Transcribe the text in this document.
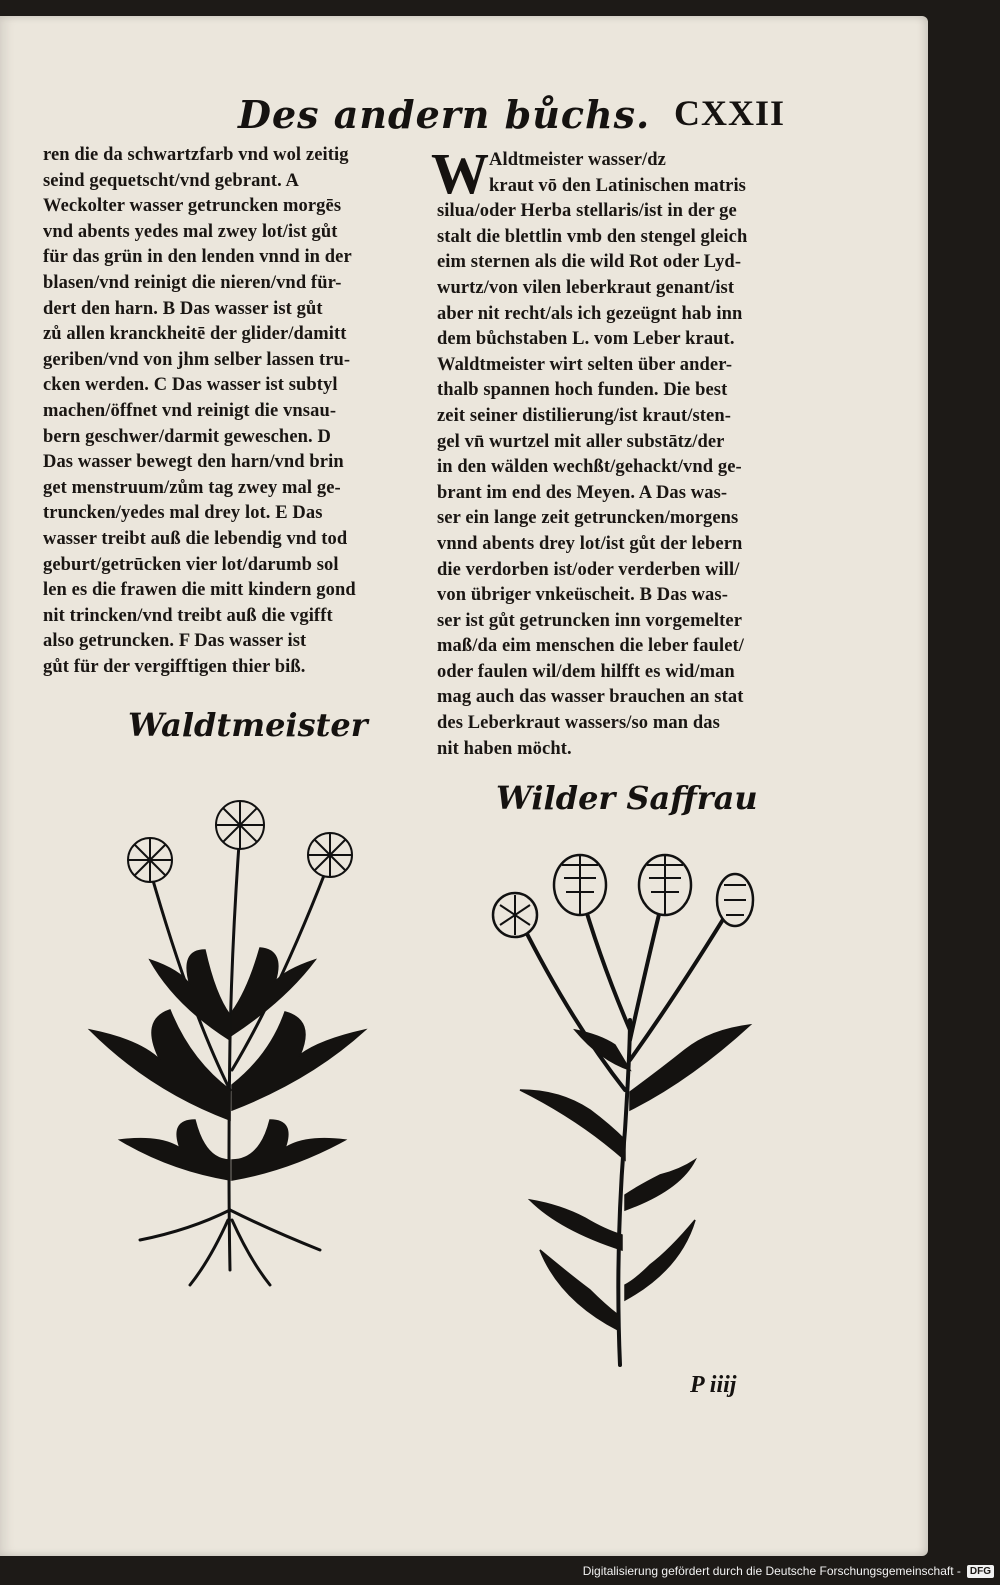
Des andern bůchs. CXXII
ren die da schwartzfarb vnd wol zeitig
seind gequetscht/vnd gebrant. A
Weckolter wasser getruncken morgēs
vnd abents yedes mal zwey lot/ist gůt
für das grün in den lenden vnnd in der
blasen/vnd reinigt die nieren/vnd für-
dert den harn. B Das wasser ist gůt
zů allen kranckheitē der glider/damitt
geriben/vnd von jhm selber lassen tru-
cken werden. C Das wasser ist subtyl
machen/öffnet vnd reinigt die vnsau-
bern geschwer/darmit geweschen. D
Das wasser bewegt den harn/vnd brin
get menstruum/zům tag zwey mal ge-
truncken/yedes mal drey lot. E Das
wasser treibt auß die lebendig vnd tod
geburt/getrūcken vier lot/darumb sol
len es die frawen die mitt kindern gond
nit trincken/vnd treibt auß die vgifft
also getruncken. F Das wasser ist
gůt für der vergifftigen thier biß.
W Aldtmeister wasser/dz
kraut vō den Latinischen matris
silua/oder Herba stellaris/ist in der ge
stalt die blettlin vmb den stengel gleich
eim sternen als die wild Rot oder Lyd-
wurtz/von vilen leberkraut genant/ist
aber nit recht/als ich gezeügnt hab inn
dem bůchstaben L. vom Leber kraut.
Waldtmeister wirt selten über ander-
thalb spannen hoch funden. Die best
zeit seiner distilierung/ist kraut/sten-
gel vn̄ wurtzel mit aller substātz/der
in den wälden wechßt/gehackt/vnd ge-
brant im end des Meyen. A Das was-
ser ein lange zeit getruncken/morgens
vnnd abents drey lot/ist gůt der lebern
die verdorben ist/oder verderben will/
von übriger vnkeüscheit. B Das was-
ser ist gůt getruncken inn vorgemelter
maß/da eim menschen die leber faulet/
oder faulen wil/dem hilfft es wid/man
mag auch das wasser brauchen an stat
des Leberkraut wassers/so man das
nit haben möcht.
Waldtmeister
Wilder Saffrau
P iiij
Digitalisierung gefördert durch die Deutsche Forschungsgemeinschaft - DFG
